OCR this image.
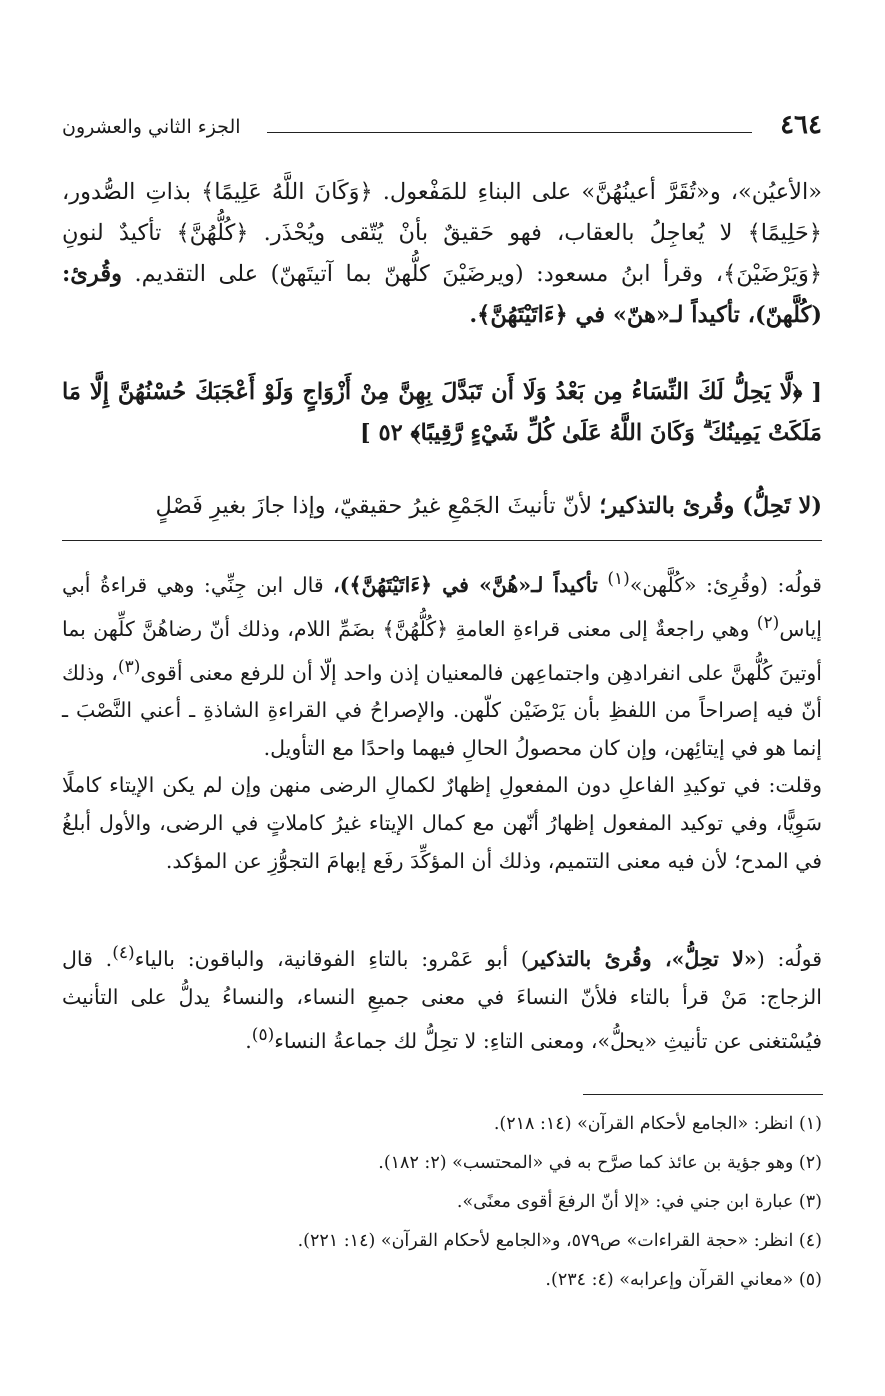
٤٦٤
الجزء الثاني والعشرون

«الأعيُن»، و«تُقَرَّ أعينُهُنَّ» على البناءِ للمَفْعول. ﴿وَكَانَ اللَّهُ عَلِيمًا﴾ بذاتِ الصُّدور، ﴿حَلِيمًا﴾ لا يُعاجِلُ بالعقاب، فهو حَقيقٌ بأنْ يُتّقى ويُحْذَر. ﴿كُلُّهُنَّ﴾ تأكيدٌ لنونِ ﴿وَيَرْضَيْنَ﴾، وقرأ ابنُ مسعود: (ويرضَيْنَ كلُّهنّ بما آتيتَهنّ) على التقديم. وقُرئ: (كُلَّهنّ)، تأكيداً لـ«هنّ» في ﴿ءَاتَيْتَهُنَّ﴾.

[ ﴿لَّا يَحِلُّ لَكَ النِّسَاءُ مِن بَعْدُ وَلَا أَن تَبَدَّلَ بِهِنَّ مِنْ أَزْوَاجٍ وَلَوْ أَعْجَبَكَ حُسْنُهُنَّ إِلَّا مَا مَلَكَتْ يَمِينُكَ ۗ وَكَانَ اللَّهُ عَلَىٰ كُلِّ شَيْءٍ رَّقِيبًا﴾ ٥٢ ]

(لا تَحِلُّ) وقُرئ بالتذكير؛ لأنّ تأنيثَ الجَمْعِ غيرُ حقيقيّ، وإذا جازَ بغيرِ فَصْلٍ

قولُه: (وقُرِئ: «كُلَّهن»$^{(١)}$ تأكيداً لـ«هُنَّ» في ﴿ءَاتَيْتَهُنَّ﴾)، قال ابن جِنِّي: وهي قراءةُ أبي إياس$^{(٢)}$ وهي راجعةٌ إلى معنى قراءةِ العامةِ ﴿كُلُّهُنَّ﴾ بضَمِّ اللام، وذلك أنّ رضاهُنَّ كلِّهن بما أوتينَ كُلُّهنَّ على انفرادهِن واجتماعِهن فالمعنيان إذن واحد إلّا أن للرفع معنى أقوى$^{(٣)}$، وذلك أنّ فيه إصراحاً من اللفظِ بأن يَرْضَيْن كلّهن. والإصراحُ في القراءةِ الشاذةِ ـ أعني النَّصْبَ ـ إنما هو في إيتائِهن، وإن كان محصولُ الحالِ فيهما واحدًا مع التأويل.

وقلت: في توكيدِ الفاعلِ دون المفعولِ إظهارٌ لكمالِ الرضى منهن وإن لم يكن الإيتاء كاملًا سَوِيًّا، وفي توكيد المفعول إظهارُ أنّهن مع كمال الإيتاء غيرُ كاملاتٍ في الرضى، والأول أبلغُ في المدح؛ لأن فيه معنى التتميم، وذلك أن المؤكِّدَ رفَع إبهامَ التجوُّزِ عن المؤكد.

قولُه: («لا تحِلُّ»، وقُرئ بالتذكير) أبو عَمْرو: بالتاءِ الفوقانية، والباقون: بالياء$^{(٤)}$. قال الزجاج: مَنْ قرأ بالتاء فلأنّ النساءَ في معنى جميعِ النساء، والنساءُ يدلُّ على التأنيث فيُسْتغنى عن تأنيثِ «يحلُّ»، ومعنى التاءِ: لا تحِلُّ لك جماعةُ النساء$^{(٥)}$.

(١) انظر: «الجامع لأحكام القرآن» (١٤: ٢١٨).

(٢) وهو جؤية بن عائذ كما صرَّح به في «المحتسب» (٢: ١٨٢).

(٣) عبارة ابن جني في: «إلا أنّ الرفعَ أقوى معنًى».

(٤) انظر: «حجة القراءات» ص٥٧٩، و«الجامع لأحكام القرآن» (١٤: ٢٢١).

(٥) «معاني القرآن وإعرابه» (٤: ٢٣٤).
